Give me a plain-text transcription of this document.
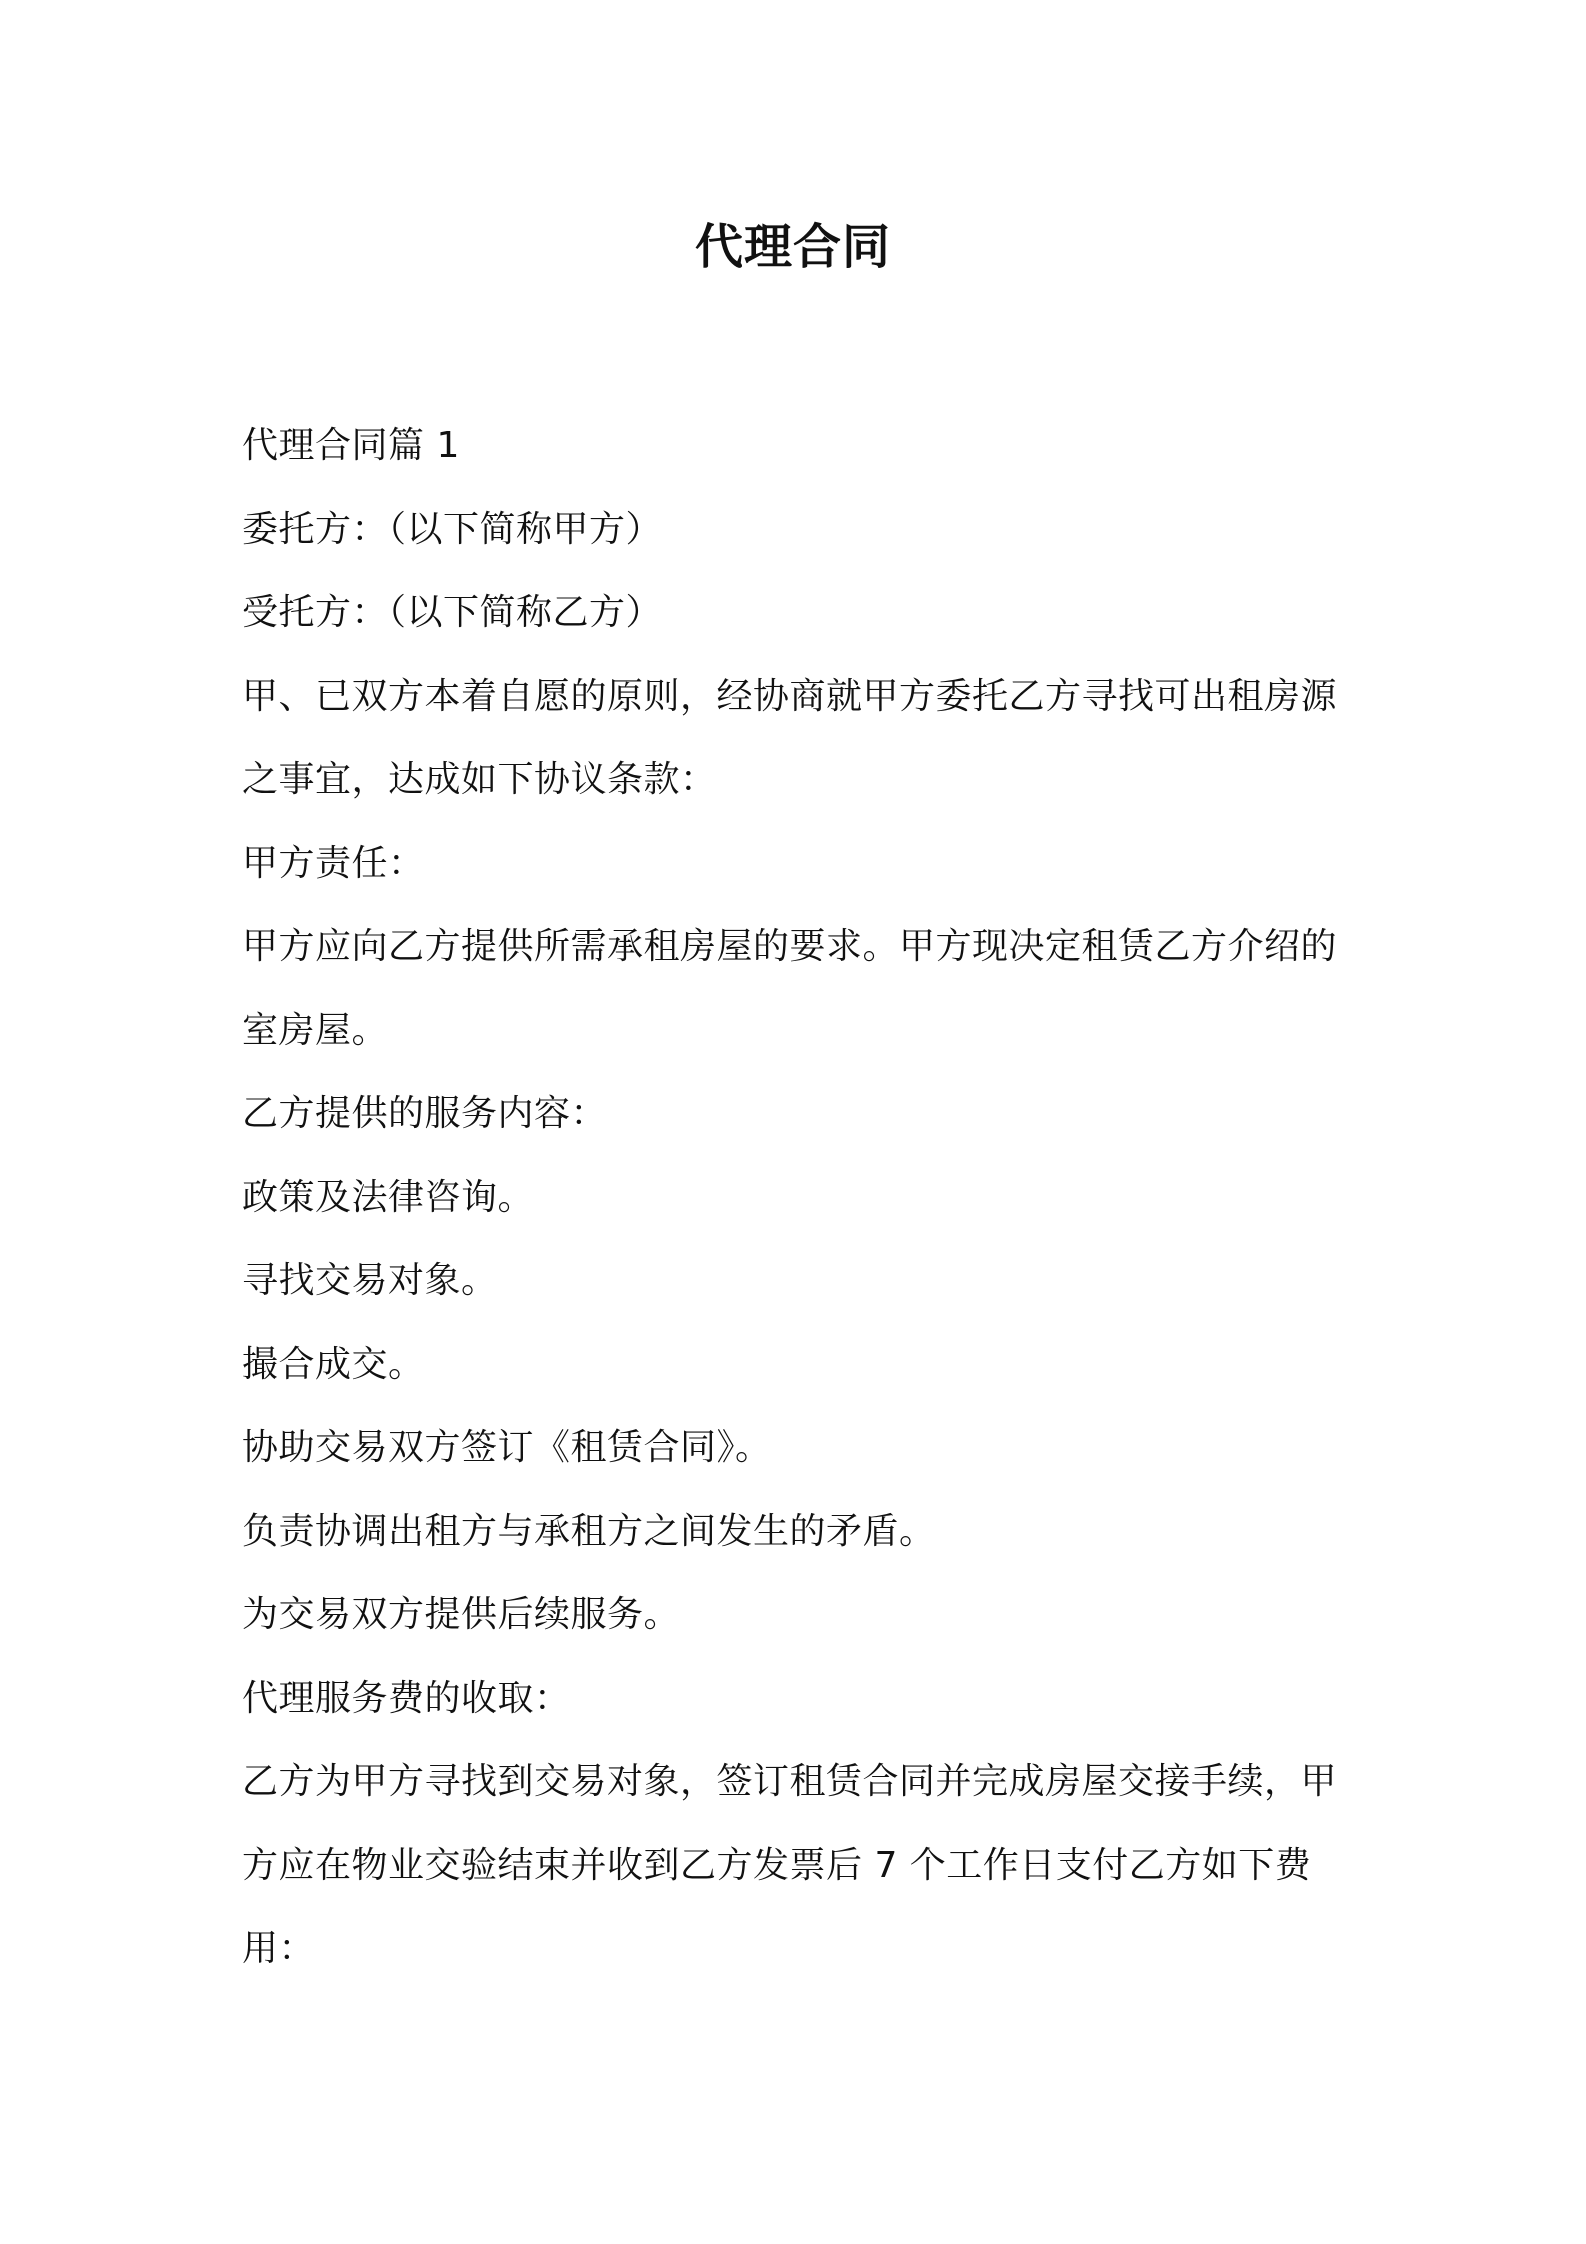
代理合同
代理合同篇 1
委托方：（以下简称甲方）
受托方：（以下简称乙方）
甲、已双方本着自愿的原则，经协商就甲方委托乙方寻找可出租房源
之事宜，达成如下协议条款：
甲方责任：
甲方应向乙方提供所需承租房屋的要求。甲方现决定租赁乙方介绍的
室房屋。
乙方提供的服务内容：
政策及法律咨询。
寻找交易对象。
撮合成交。
协助交易双方签订《租赁合同》。
负责协调出租方与承租方之间发生的矛盾。
为交易双方提供后续服务。
代理服务费的收取：
乙方为甲方寻找到交易对象，签订租赁合同并完成房屋交接手续，甲
方应在物业交验结束并收到乙方发票后 7 个工作日支付乙方如下费
用：
